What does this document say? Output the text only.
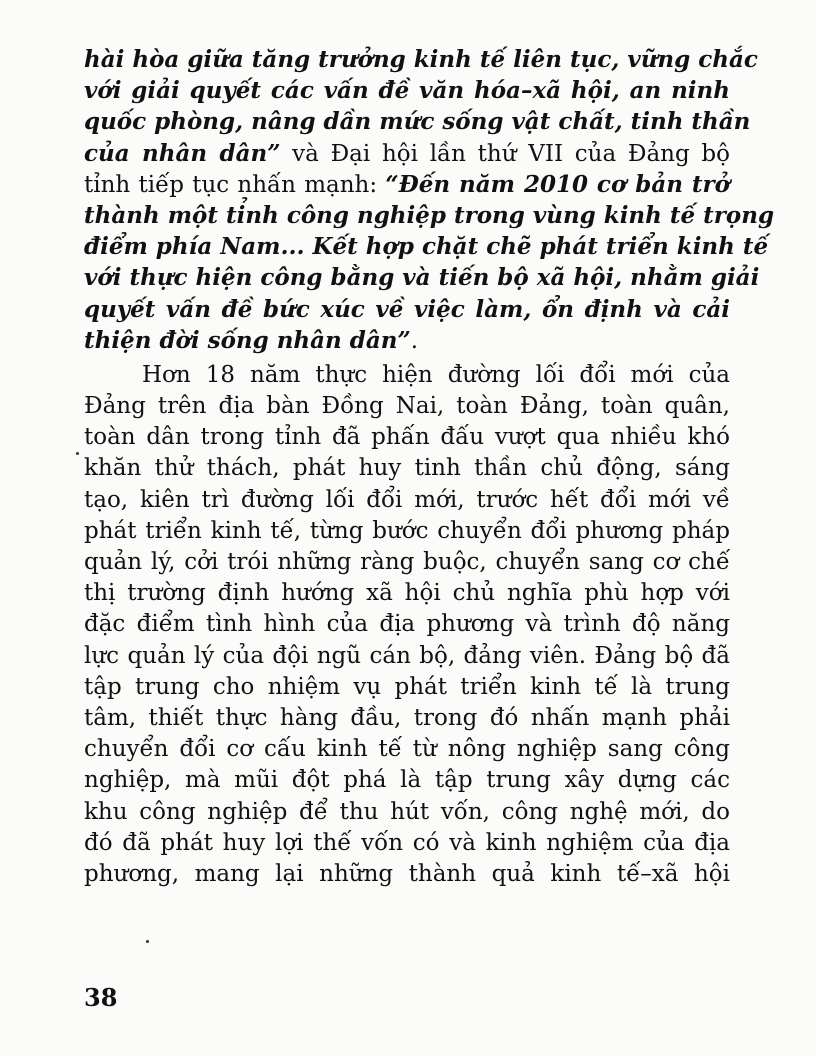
hài hòa giữa tăng trưởng kinh tế liên tục, vững chắc
với giải quyết các vấn đề văn hóa–xã hội, an ninh
quốc phòng, nâng dần mức sống vật chất, tinh thần
của nhân dân” và Đại hội lần thứ VII của Đảng bộ
tỉnh tiếp tục nhấn mạnh: “Đến năm 2010 cơ bản trở
thành một tỉnh công nghiệp trong vùng kinh tế trọng
điểm phía Nam... Kết hợp chặt chẽ phát triển kinh tế
với thực hiện công bằng và tiến bộ xã hội, nhằm giải
quyết vấn đề bức xúc về việc làm, ổn định và cải
thiện đời sống nhân dân”.
Hơn 18 năm thực hiện đường lối đổi mới của
Đảng trên địa bàn Đồng Nai, toàn Đảng, toàn quân,
toàn dân trong tỉnh đã phấn đấu vượt qua nhiều khó
khăn thử thách, phát huy tinh thần chủ động, sáng
tạo, kiên trì đường lối đổi mới, trước hết đổi mới về
phát triển kinh tế, từng bước chuyển đổi phương pháp
quản lý, cởi trói những ràng buộc, chuyển sang cơ chế
thị trường định hướng xã hội chủ nghĩa phù hợp với
đặc điểm tình hình của địa phương và trình độ năng
lực quản lý của đội ngũ cán bộ, đảng viên. Đảng bộ đã
tập trung cho nhiệm vụ phát triển kinh tế là trung
tâm, thiết thực hàng đầu, trong đó nhấn mạnh phải
chuyển đổi cơ cấu kinh tế từ nông nghiệp sang công
nghiệp, mà mũi đột phá là tập trung xây dựng các
khu công nghiệp để thu hút vốn, công nghệ mới, do
đó đã phát huy lợi thế vốn có và kinh nghiệm của địa
phương, mang lại những thành quả kinh tế–xã hội
38
